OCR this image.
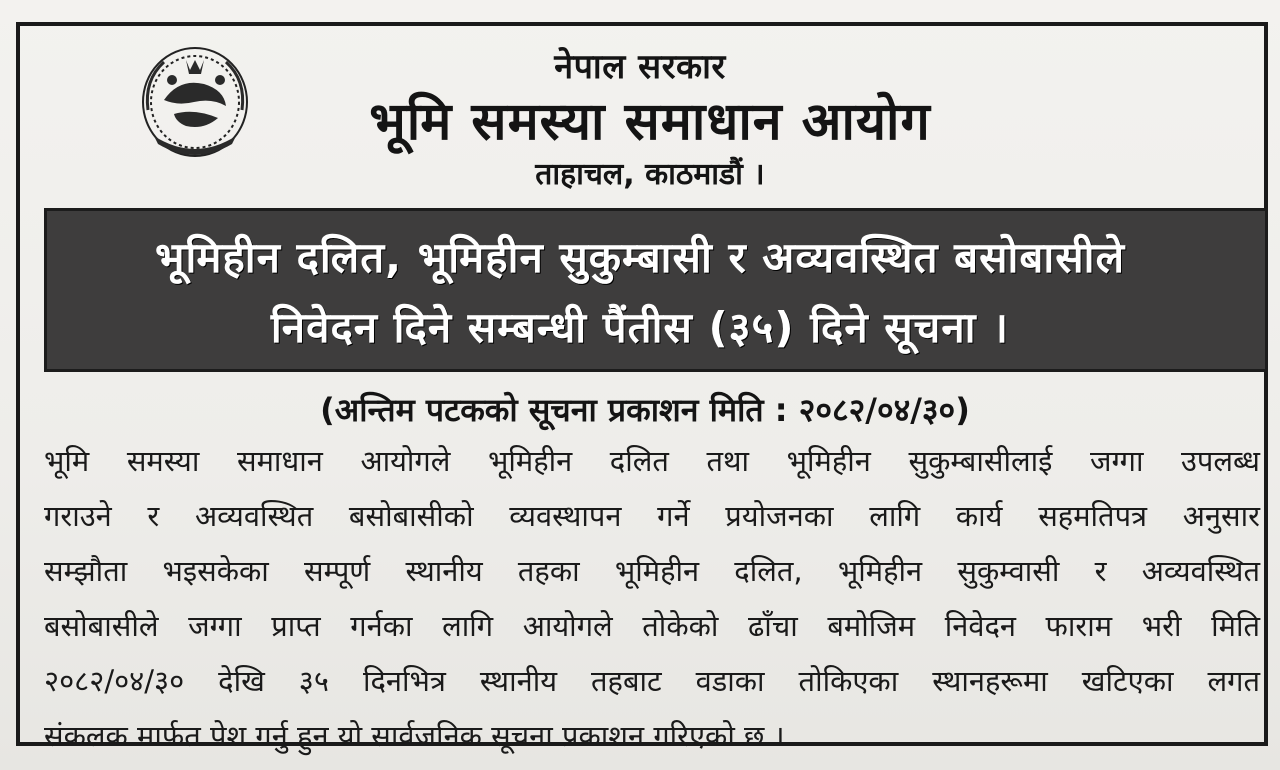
नेपाल सरकार
भूमि समस्या समाधान आयोग
ताहाचल, काठमाडौं ।
भूमिहीन दलित, भूमिहीन सुकुम्बासी र अव्यवस्थित बसोबासीले
निवेदन दिने सम्बन्धी पैंतीस (३५) दिने सूचना ।
(अन्तिम पटकको सूचना प्रकाशन मिति : २०८२/०४/३०)
भूमि समस्या समाधान आयोगले भूमिहीन दलित तथा भूमिहीन सुकुम्बासीलाई जग्गा उपलब्ध
गराउने र अव्यवस्थित बसोबासीको व्यवस्थापन गर्ने प्रयोजनका लागि कार्य सहमतिपत्र अनुसार
सम्झौता भइसकेका सम्पूर्ण स्थानीय तहका भूमिहीन दलित, भूमिहीन सुकुम्वासी र अव्यवस्थित
बसोबासीले जग्गा प्राप्त गर्नका लागि आयोगले तोकेको ढाँचा बमोजिम निवेदन फाराम भरी मिति
२०८२/०४/३० देखि ३५ दिनभित्र स्थानीय तहबाट वडाका तोकिएका स्थानहरूमा खटिएका लगत
संकलक मार्फत पेश गर्नु हुन यो सार्वजनिक सूचना प्रकाशन गरिएको छ ।
